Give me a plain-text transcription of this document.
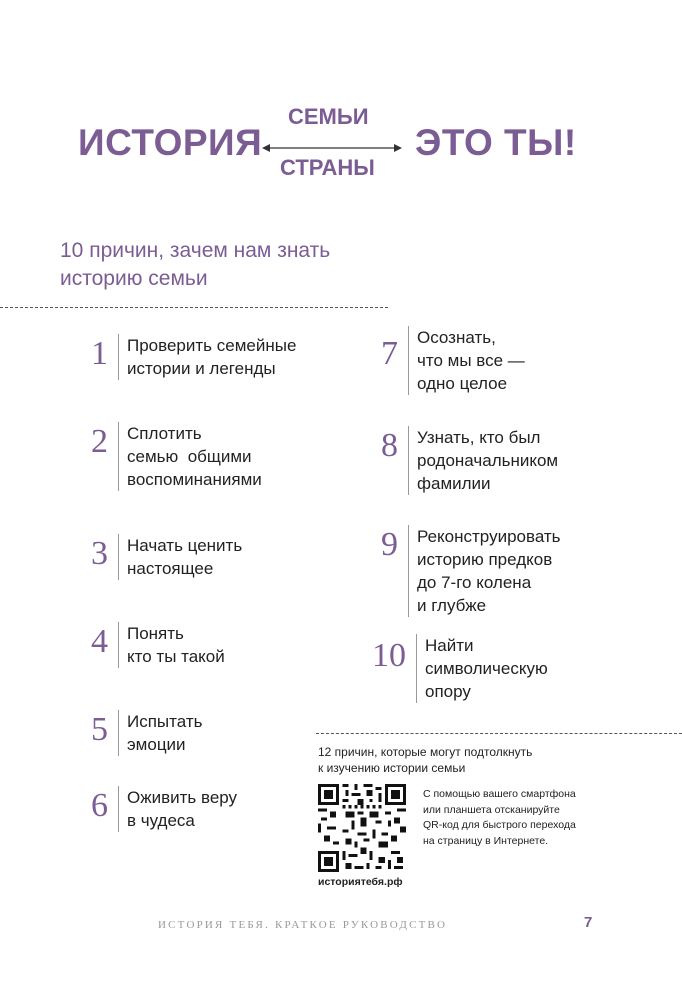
ИСТОРИЯ
СЕМЬИ
СТРАНЫ
ЭТО ТЫ!
10 причин, зачем нам знать
историю семьи
1 Проверить семейные
истории и легенды
2 Сплотить
семью  общими
воспоминаниями
3 Начать ценить
настоящее
4 Понять
кто ты такой
5 Испытать
эмоции
6 Оживить веру
в чудеса
7 Осознать,
что мы все —
одно целое
8 Узнать, кто был
родоначальником
фамилии
9 Реконструировать
историю предков
до 7-го колена
и глубже
10 Найти
символическую
опору
12 причин, которые могут подтолкнуть
к изучению истории семьи
историятебя.рф
С помощью вашего смартфона
или планшета отсканируйте
QR-код для быстрого перехода
на страницу в Интернете.
ИСТОРИЯ ТЕБЯ. КРАТКОЕ РУКОВОДСТВО	7
